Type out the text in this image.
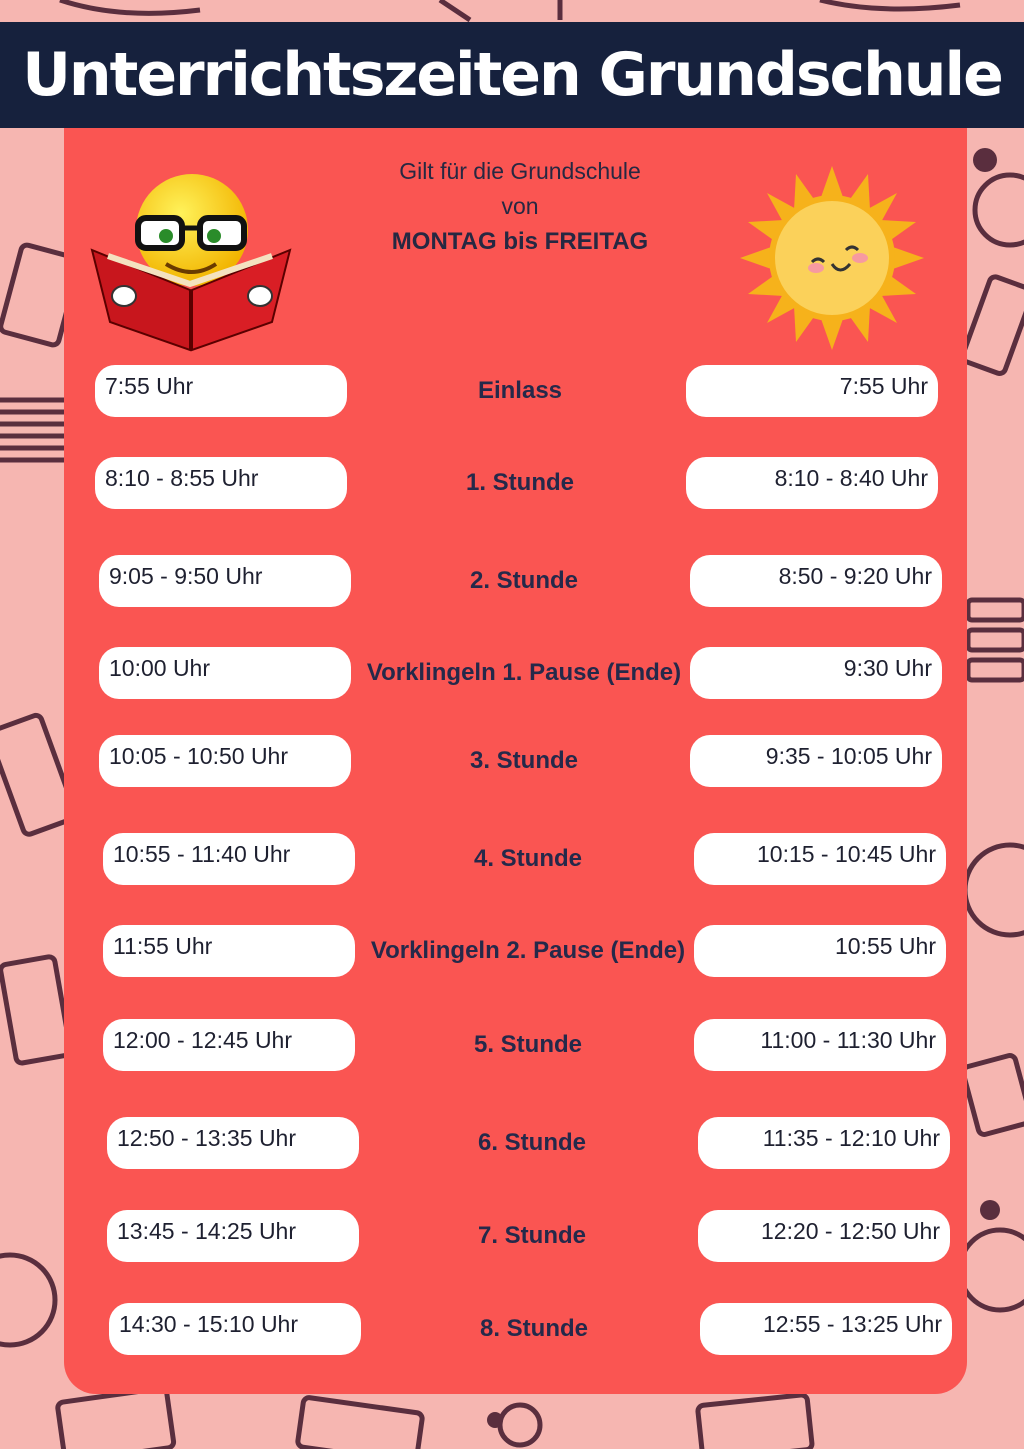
Unterrichtszeiten Grundschule
Gilt für die Grundschule
von
MONTAG bis FREITAG
7:55 Uhr	Einlass	7:55 Uhr
8:10 - 8:55 Uhr	1. Stunde	8:10 - 8:40 Uhr
9:05 - 9:50 Uhr	2. Stunde	8:50 - 9:20 Uhr
10:00 Uhr	Vorklingeln 1. Pause (Ende)	9:30 Uhr
10:05 - 10:50 Uhr	3. Stunde	9:35 - 10:05 Uhr
10:55 - 11:40 Uhr	4. Stunde	10:15 - 10:45 Uhr
11:55 Uhr	Vorklingeln 2. Pause (Ende)	10:55 Uhr
12:00 - 12:45 Uhr	5. Stunde	11:00 - 11:30 Uhr
12:50 - 13:35 Uhr	6. Stunde	11:35 - 12:10 Uhr
13:45 - 14:25 Uhr	7. Stunde	12:20 - 12:50 Uhr
14:30 - 15:10 Uhr	8. Stunde	12:55 - 13:25 Uhr
